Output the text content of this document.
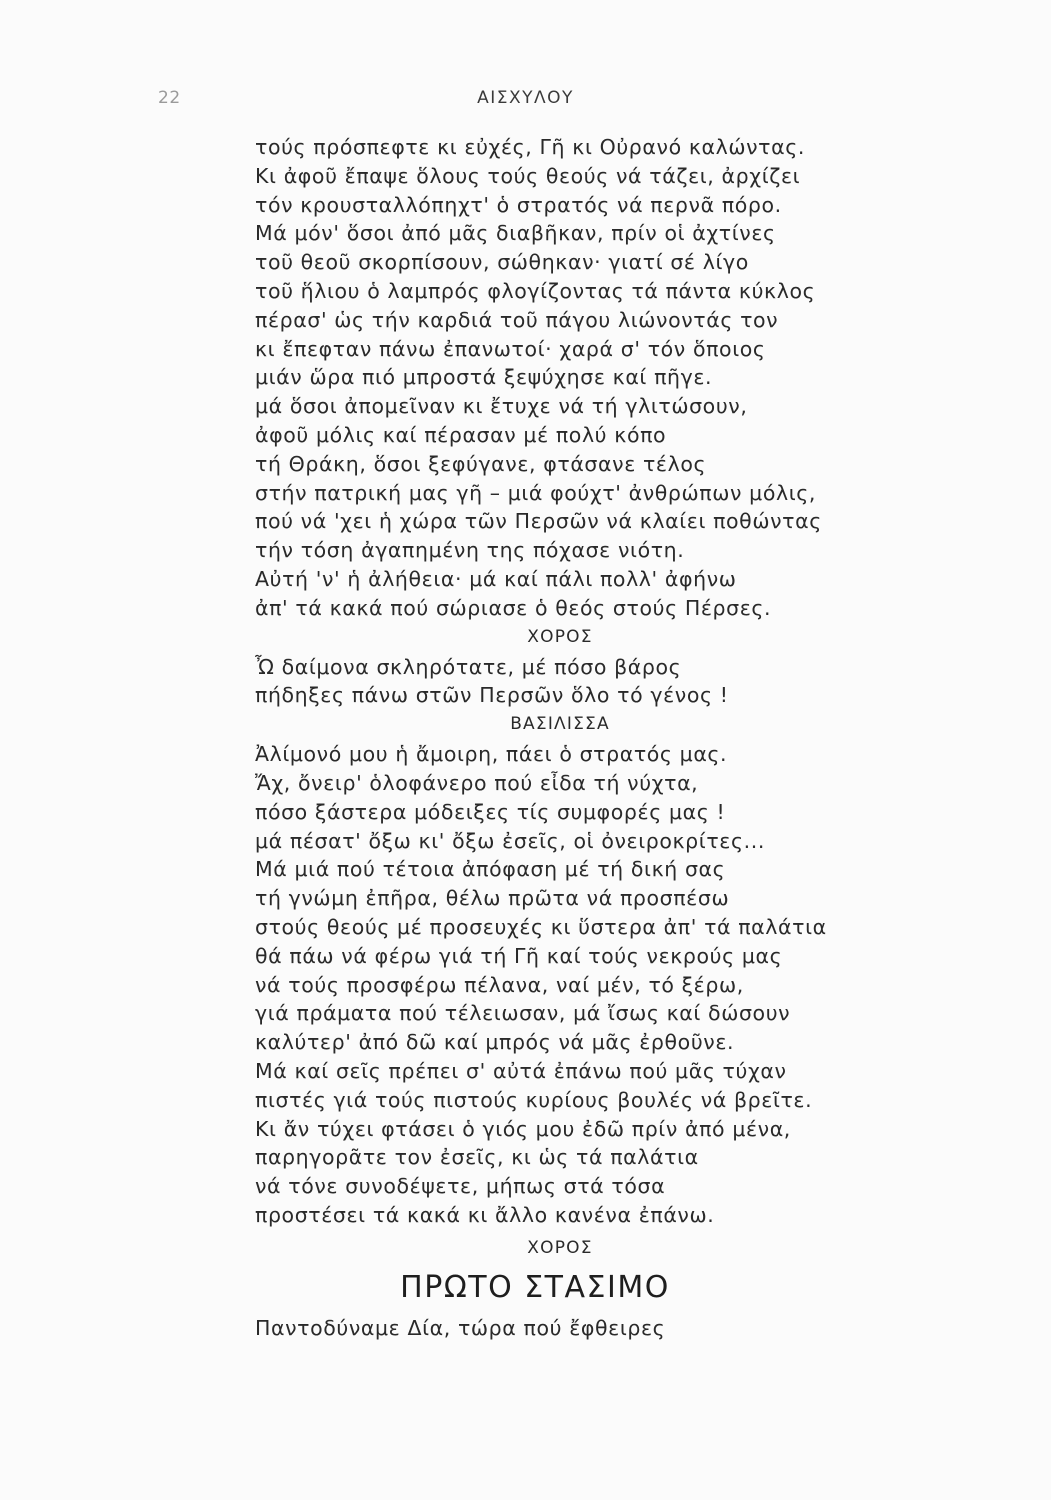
22	ΑΙΣΧΥΛΟΥ
τούς πρόσπεφτε κι εὐχές, Γῆ κι Οὐρανό καλώντας.
Κι ἀφοῦ ἔπαψε ὅλους τούς θεούς νά τάζει, ἀρχίζει
τόν κρουσταλλόπηχτ' ὁ στρατός νά περνᾶ πόρο.
Μά μόν' ὅσοι ἀπό μᾶς διαβῆκαν, πρίν οἱ ἀχτίνες
τοῦ θεοῦ σκορπίσουν, σώθηκαν· γιατί σέ λίγο
τοῦ ἥλιου ὁ λαμπρός φλογίζοντας τά πάντα κύκλος
πέρασ' ὡς τήν καρδιά τοῦ πάγου λιώνοντάς τον
κι ἔπεφταν πάνω ἐπανωτοί· χαρά σ' τόν ὅποιος
μιάν ὥρα πιό μπροστά ξεψύχησε καί πῆγε.
μά ὅσοι ἀπομεῖναν κι ἔτυχε νά τή γλιτώσουν,
ἀφοῦ μόλις καί πέρασαν μέ πολύ κόπο
τή Θράκη, ὅσοι ξεφύγανε, φτάσανε τέλος
στήν πατρική μας γῆ – μιά φούχτ' ἀνθρώπων μόλις,
πού νά 'χει ἡ χώρα τῶν Περσῶν νά κλαίει ποθώντας
τήν τόση ἀγαπημένη της πόχασε νιότη.
Αὐτή 'ν' ἡ ἀλήθεια· μά καί πάλι πολλ' ἀφήνω
ἀπ' τά κακά πού σώριασε ὁ θεός στούς Πέρσες.
ΧΟΡΟΣ
Ὦ δαίμονα σκληρότατε, μέ πόσο βάρος
πήδηξες πάνω στῶν Περσῶν ὅλο τό γένος !
ΒΑΣΙΛΙΣΣΑ
Ἀλίμονό μου ἡ ἄμοιρη, πάει ὁ στρατός μας.
Ἄχ, ὄνειρ' ὁλοφάνερο πού εἶδα τή νύχτα,
πόσο ξάστερα μόδειξες τίς συμφορές μας !
μά πέσατ' ὄξω κι' ὄξω ἐσεῖς, οἱ ὀνειροκρίτες...
Μά μιά πού τέτοια ἀπόφαση μέ τή δική σας
τή γνώμη ἐπῆρα, θέλω πρῶτα νά προσπέσω
στούς θεούς μέ προσευχές κι ὕστερα ἀπ' τά παλάτια
θά πάω νά φέρω γιά τή Γῆ καί τούς νεκρούς μας
νά τούς προσφέρω πέλανα, ναί μέν, τό ξέρω,
γιά πράματα πού τέλειωσαν, μά ἴσως καί δώσουν
καλύτερ' ἀπό δῶ καί μπρός νά μᾶς ἐρθοῦνε.
Μά καί σεῖς πρέπει σ' αὐτά ἐπάνω πού μᾶς τύχαν
πιστές γιά τούς πιστούς κυρίους βουλές νά βρεῖτε.
Κι ἄν τύχει φτάσει ὁ γιός μου ἐδῶ πρίν ἀπό μένα,
παρηγορᾶτε τον ἐσεῖς, κι ὡς τά παλάτια
νά τόνε συνοδέψετε, μήπως στά τόσα
προστέσει τά κακά κι ἄλλο κανένα ἐπάνω.
ΧΟΡΟΣ
ΠΡΩΤΟ ΣΤΑΣΙΜΟ
Παντοδύναμε Δία, τώρα πού ἔφθειρες
